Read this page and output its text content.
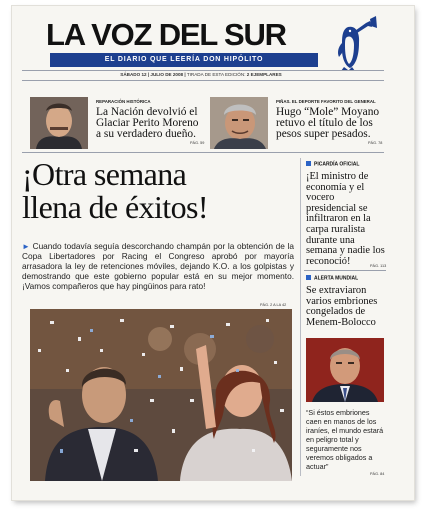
LA VOZ DEL SUR
EL DIARIO QUE LEERÍA DON HIPÓLITO
SÁBADO 12 | JULIO DE 2008 | TIRADA DE ESTA EDICIÓN: 2 EJEMPLARES
REPARACIÓN HISTÓRICA
La Nación devolvió el Glaciar Perito Moreno a su verdadero dueño.
PÁG. 59
PIÑAS. EL DEPORTE FAVORITO DEL GENERAL
Hugo “Mole” Moyano retuvo el título de los pesos super pesados.
PÁG. 78
¡Otra semana
llena de éxitos!
► Cuando todavía seguía descorchando champán por la obtención de la Copa Libertadores por Racing el Congreso aprobó por mayoría arrasadora la ley de retenciones móviles, dejando K.O. a los golpistas y demostrando que este gobierno popular está en su mejor momento. ¡Vamos compañeros que hay pingüinos para rato!
PÁG. 2 A LA 42
PICARDÍA OFICIAL
¡El ministro de economía y el vocero presidencial se infiltraron en la carpa ruralista durante una semana y nadie los reconoció!	PÁG. 113
ALERTA MUNDIAL
Se extraviaron varios embriones congelados de Menem-Bolocco
“Si éstos embriones caen en manos de los iraníes, el mundo estará en peligro total y seguramente nos veremos obligados a actuar”
PÁG. 84
